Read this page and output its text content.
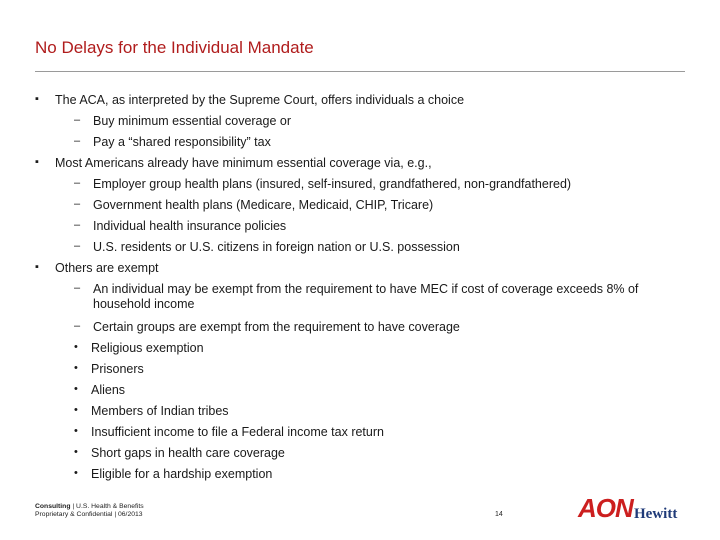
No Delays for the Individual Mandate
▪ The ACA, as interpreted by the Supreme Court, offers individuals a choice
– Buy minimum essential coverage or
– Pay a “shared responsibility” tax
▪ Most Americans already have minimum essential coverage via, e.g.,
– Employer group health plans (insured, self-insured, grandfathered, non-grandfathered)
– Government health plans (Medicare, Medicaid, CHIP, Tricare)
– Individual health insurance policies
– U.S. residents or U.S. citizens in foreign nation or U.S. possession
▪ Others are exempt
– An individual may be exempt from the requirement to have MEC if cost of coverage exceeds 8% of household income
– Certain groups are exempt from the requirement to have coverage
• Religious exemption
• Prisoners
• Aliens
• Members of Indian tribes
• Insufficient income to file a Federal income tax return
• Short gaps in health care coverage
• Eligible for a hardship exemption
Consulting | U.S. Health & Benefits
Proprietary & Confidential | 06/2013	14	AON Hewitt
